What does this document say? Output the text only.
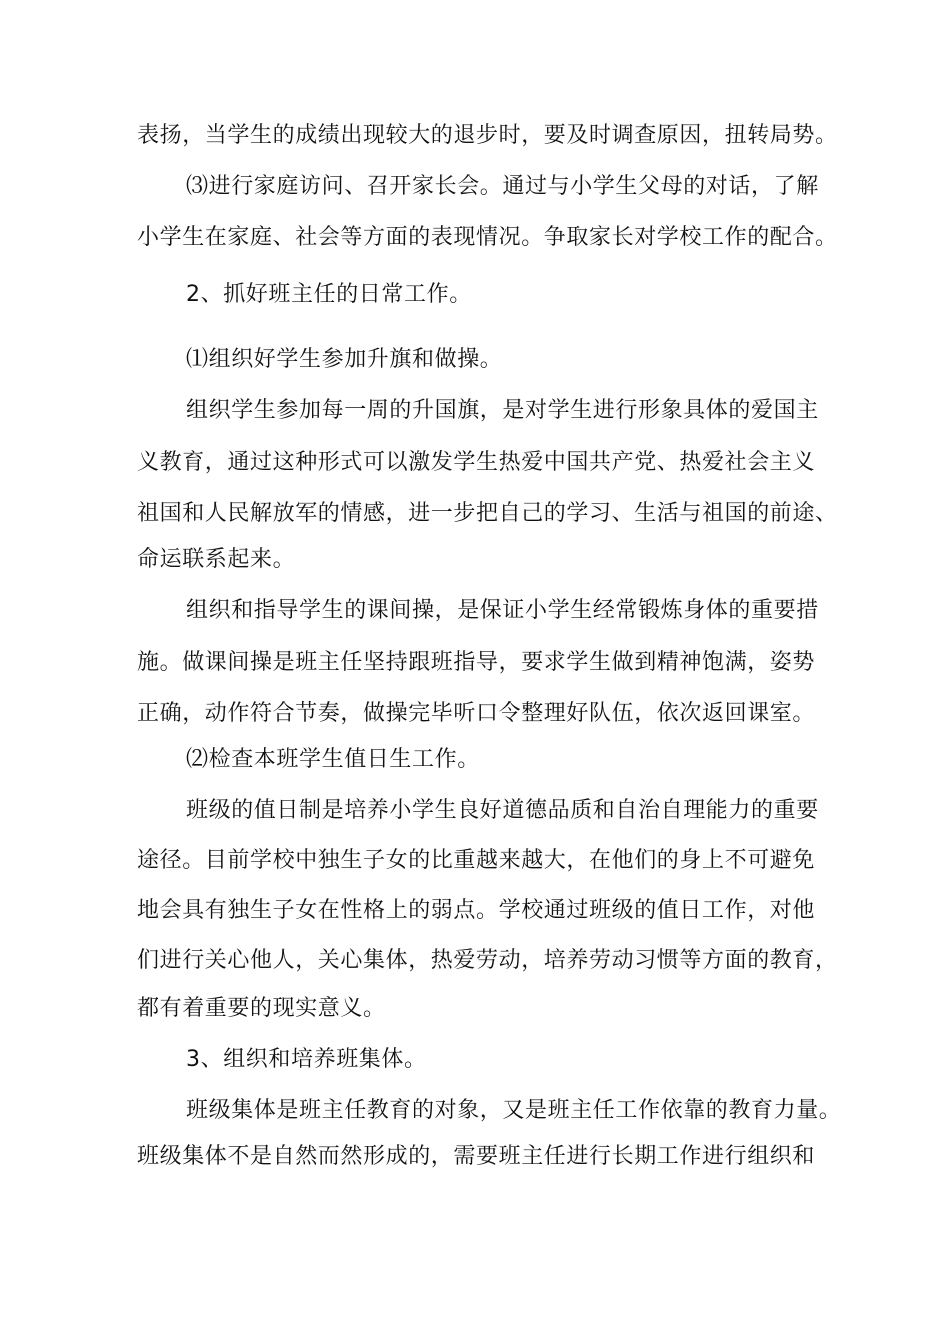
表扬，当学生的成绩出现较大的退步时，要及时调查原因，扭转局势。
⑶进行家庭访问、召开家长会。通过与小学生父母的对话，了解
小学生在家庭、社会等方面的表现情况。争取家长对学校工作的配合。
2、抓好班主任的日常工作。
⑴组织好学生参加升旗和做操。
组织学生参加每一周的升国旗，是对学生进行形象具体的爱国主
义教育，通过这种形式可以激发学生热爱中国共产党、热爱社会主义
祖国和人民解放军的情感，进一步把自己的学习、生活与祖国的前途、
命运联系起来。
组织和指导学生的课间操，是保证小学生经常锻炼身体的重要措
施。做课间操是班主任坚持跟班指导，要求学生做到精神饱满，姿势
正确，动作符合节奏，做操完毕听口令整理好队伍，依次返回课室。
⑵检查本班学生值日生工作。
班级的值日制是培养小学生良好道德品质和自治自理能力的重要
途径。目前学校中独生子女的比重越来越大，在他们的身上不可避免
地会具有独生子女在性格上的弱点。学校通过班级的值日工作，对他
们进行关心他人，关心集体，热爱劳动，培养劳动习惯等方面的教育，
都有着重要的现实意义。
3、组织和培养班集体。
班级集体是班主任教育的对象，又是班主任工作依靠的教育力量。
班级集体不是自然而然形成的，需要班主任进行长期工作进行组织和
